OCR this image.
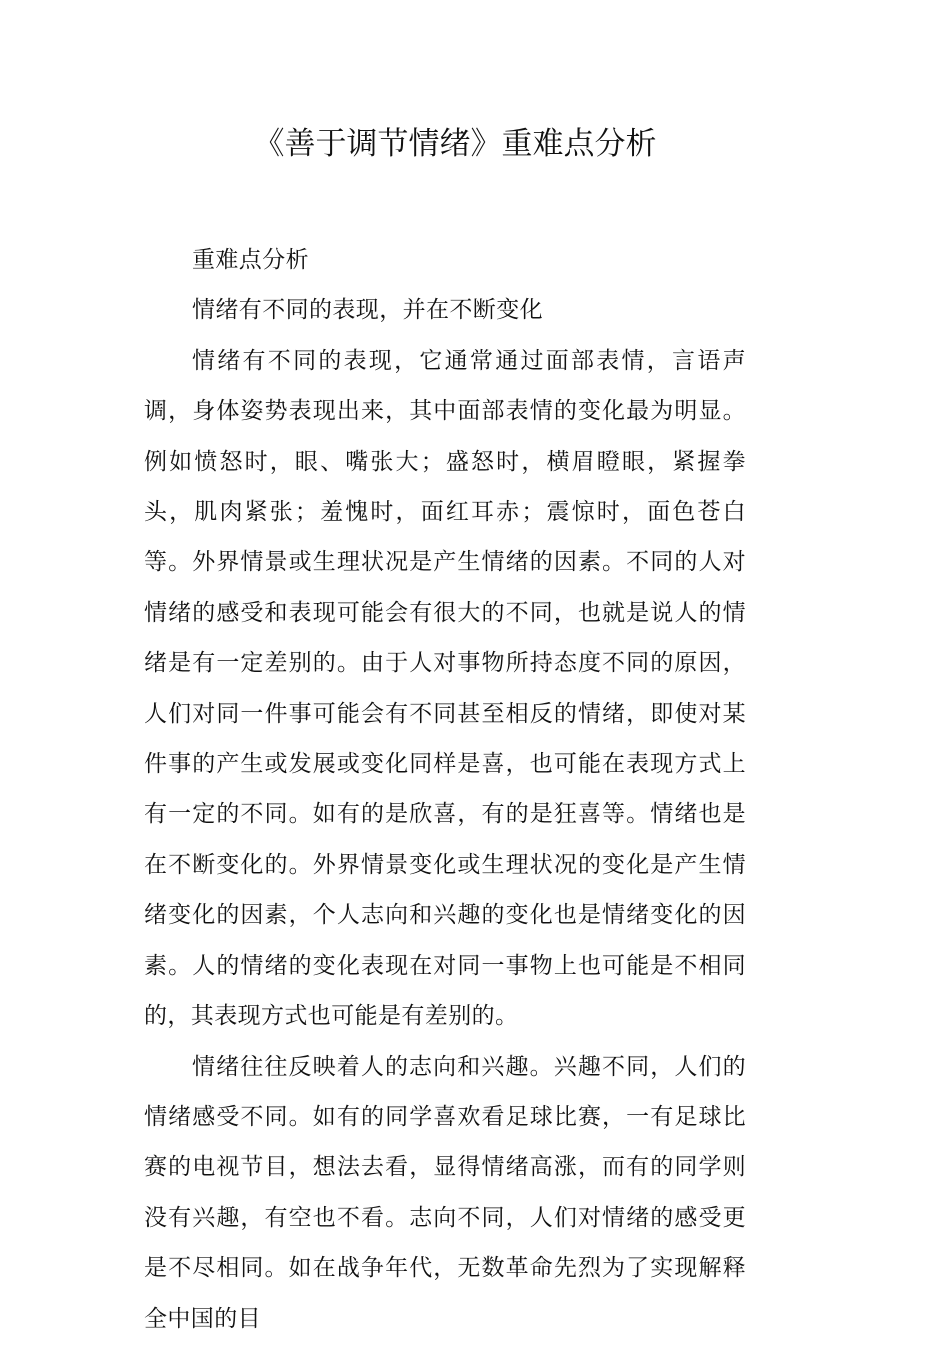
《善于调节情绪》重难点分析

重难点分析

情绪有不同的表现，并在不断变化

情绪有不同的表现，它通常通过面部表情，言语声调，身体姿势表现出来，其中面部表情的变化最为明显。例如愤怒时，眼、嘴张大；盛怒时，横眉瞪眼，紧握拳头，肌肉紧张；羞愧时，面红耳赤；震惊时，面色苍白等。外界情景或生理状况是产生情绪的因素。不同的人对情绪的感受和表现可能会有很大的不同，也就是说人的情绪是有一定差别的。由于人对事物所持态度不同的原因，人们对同一件事可能会有不同甚至相反的情绪，即使对某件事的产生或发展或变化同样是喜，也可能在表现方式上有一定的不同。如有的是欣喜，有的是狂喜等。情绪也是在不断变化的。外界情景变化或生理状况的变化是产生情绪变化的因素，个人志向和兴趣的变化也是情绪变化的因素。人的情绪的变化表现在对同一事物上也可能是不相同的，其表现方式也可能是有差别的。

情绪往往反映着人的志向和兴趣。兴趣不同，人们的情绪感受不同。如有的同学喜欢看足球比赛，一有足球比赛的电视节目，想法去看，显得情绪高涨，而有的同学则没有兴趣，有空也不看。志向不同，人们对情绪的感受更是不尽相同。如在战争年代，无数革命先烈为了实现解释全中国的目
